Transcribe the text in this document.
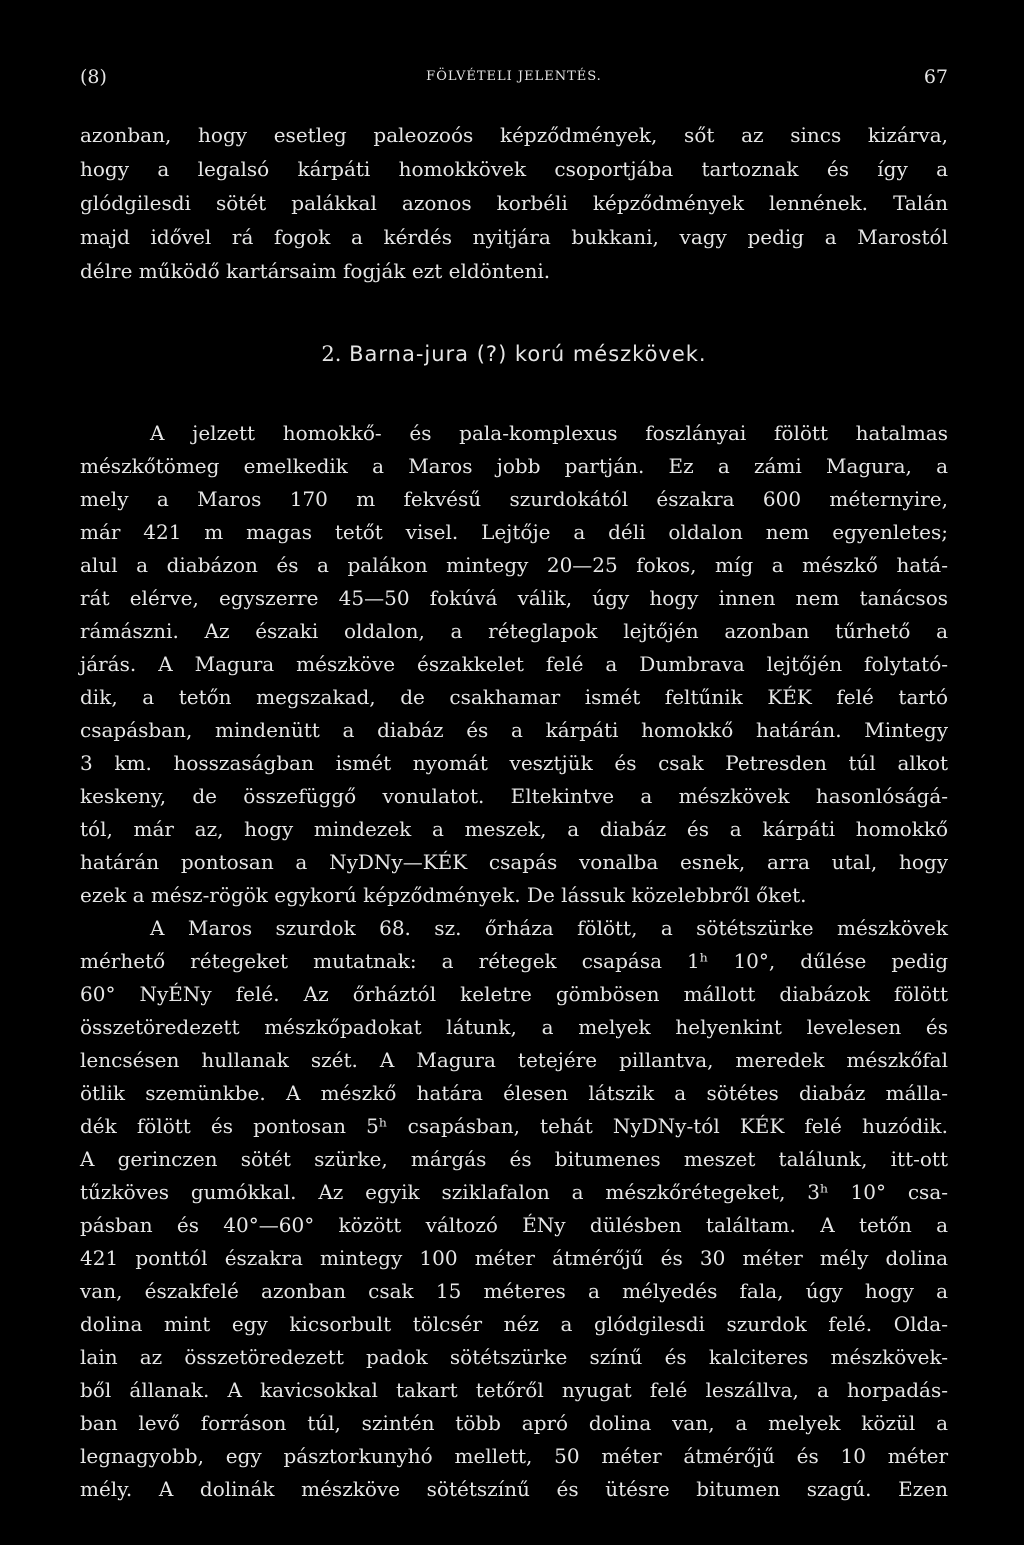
(8)	FÖLVÉTELI JELENTÉS.	67
azonban, hogy esetleg paleozoós képződmények, sőt az sincs kizárva,
hogy a legalsó kárpáti homokkövek csoportjába tartoznak és így a
glódgilesdi sötét palákkal azonos korbéli képződmények lennének. Talán
majd idővel rá fogok a kérdés nyitjára bukkani, vagy pedig a Marostól
délre működő kartársaim fogják ezt eldönteni.
2. Barna-jura (?) korú mészkövek.
A jelzett homokkő- és pala-komplexus foszlányai fölött hatalmas
mészkőtömeg emelkedik a Maros jobb partján. Ez a zámi Magura, a
mely a Maros 170 m fekvésű szurdokától északra 600 méternyire,
már 421 m magas tetőt visel. Lejtője a déli oldalon nem egyenletes;
alul a diabázon és a palákon mintegy 20—25 fokos, míg a mészkő hatá-
rát elérve, egyszerre 45—50 fokúvá válik, úgy hogy innen nem tanácsos
rámászni. Az északi oldalon, a réteglapok lejtőjén azonban tűrhető a
járás. A Magura mészköve északkelet felé a Dumbrava lejtőjén folytató-
dik, a tetőn megszakad, de csakhamar ismét feltűnik KÉK felé tartó
csapásban, mindenütt a diabáz és a kárpáti homokkő határán. Mintegy
3 km. hosszaságban ismét nyomát vesztjük és csak Petresden túl alkot
keskeny, de összefüggő vonulatot. Eltekintve a mészkövek hasonlóságá-
tól, már az, hogy mindezek a meszek, a diabáz és a kárpáti homokkő
határán pontosan a NyDNy—KÉK csapás vonalba esnek, arra utal, hogy
ezek a mész-rögök egykorú képződmények. De lássuk közelebbről őket.
A Maros szurdok 68. sz. őrháza fölött, a sötétszürke mészkövek
mérhető rétegeket mutatnak: a rétegek csapása 1ʰ 10°, dűlése pedig
60° NyÉNy felé. Az őrháztól keletre gömbösen mállott diabázok fölött
összetöredezett mészkőpadokat látunk, a melyek helyenkint levelesen és
lencsésen hullanak szét. A Magura tetejére pillantva, meredek mészkőfal
ötlik szemünkbe. A mészkő határa élesen látszik a sötétes diabáz málla-
dék fölött és pontosan 5ʰ csapásban, tehát NyDNy-tól KÉK felé huzódik.
A gerinczen sötét szürke, márgás és bitumenes meszet találunk, itt-ott
tűzköves gumókkal. Az egyik sziklafalon a mészkőrétegeket, 3ʰ 10° csa-
pásban és 40°—60° között változó ÉNy dülésben találtam. A tetőn a
421 ponttól északra mintegy 100 méter átmérőjű és 30 méter mély dolina
van, északfelé azonban csak 15 méteres a mélyedés fala, úgy hogy a
dolina mint egy kicsorbult tölcsér néz a glódgilesdi szurdok felé. Olda-
lain az összetöredezett padok sötétszürke színű és kalciteres mészkövek-
ből állanak. A kavicsokkal takart tetőről nyugat felé leszállva, a horpadás-
ban levő forráson túl, szintén több apró dolina van, a melyek közül a
legnagyobb, egy pásztorkunyhó mellett, 50 méter átmérőjű és 10 méter
mély. A dolinák mészköve sötétszínű és ütésre bitumen szagú. Ezen
